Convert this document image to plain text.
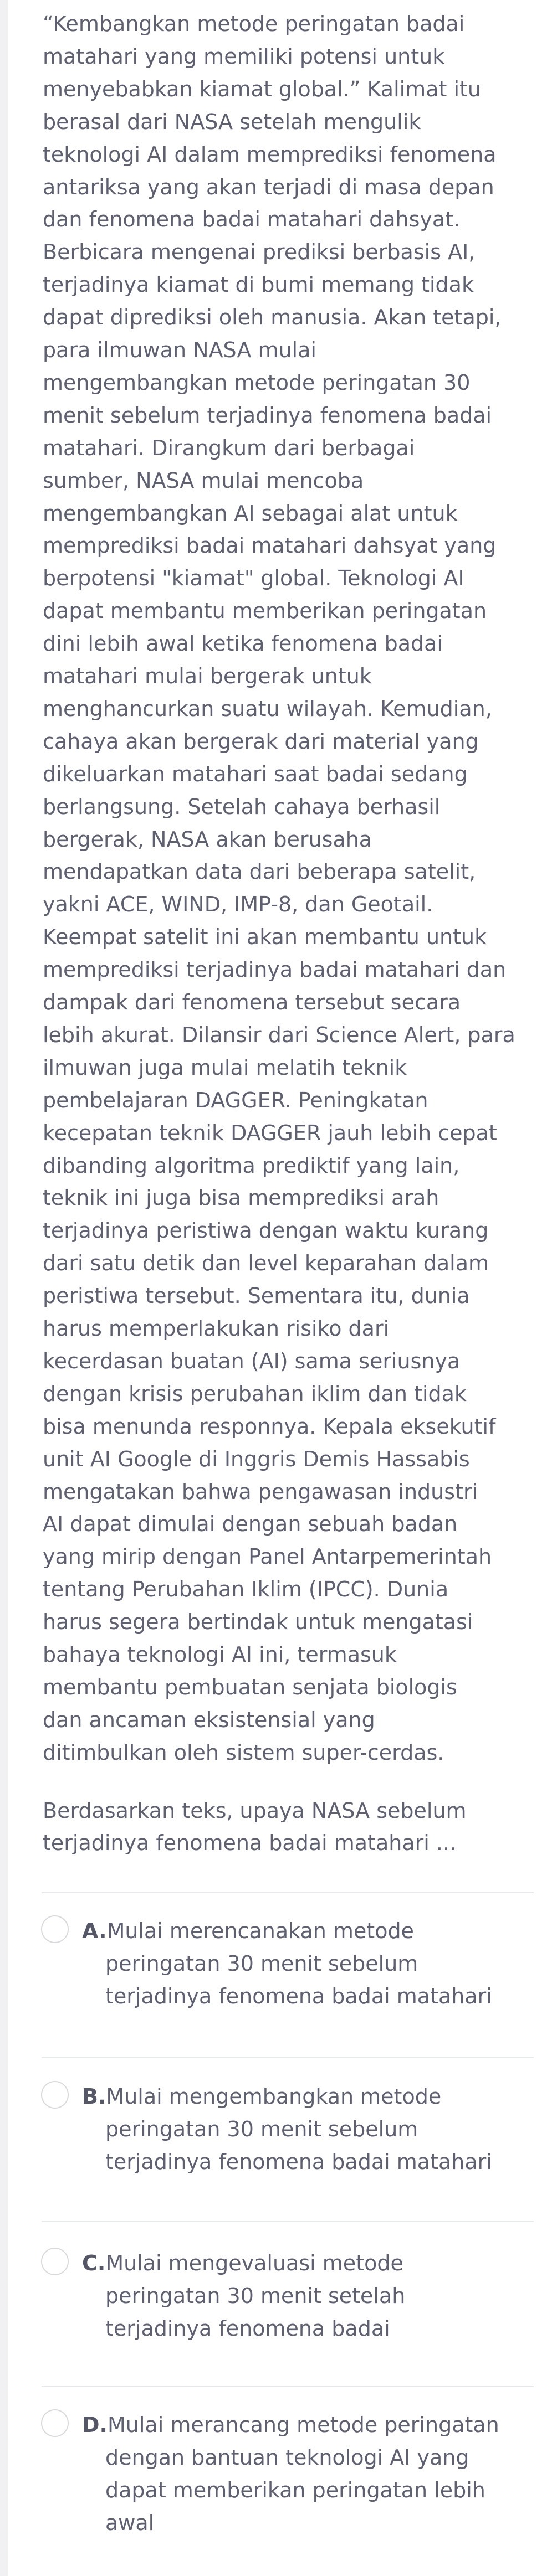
“Kembangkan metode peringatan badai
matahari yang memiliki potensi untuk
menyebabkan kiamat global.” Kalimat itu
berasal dari NASA setelah mengulik
teknologi AI dalam memprediksi fenomena
antariksa yang akan terjadi di masa depan
dan fenomena badai matahari dahsyat.
Berbicara mengenai prediksi berbasis AI,
terjadinya kiamat di bumi memang tidak
dapat diprediksi oleh manusia. Akan tetapi,
para ilmuwan NASA mulai
mengembangkan metode peringatan 30
menit sebelum terjadinya fenomena badai
matahari. Dirangkum dari berbagai
sumber, NASA mulai mencoba
mengembangkan AI sebagai alat untuk
memprediksi badai matahari dahsyat yang
berpotensi "kiamat" global. Teknologi AI
dapat membantu memberikan peringatan
dini lebih awal ketika fenomena badai
matahari mulai bergerak untuk
menghancurkan suatu wilayah. Kemudian,
cahaya akan bergerak dari material yang
dikeluarkan matahari saat badai sedang
berlangsung. Setelah cahaya berhasil
bergerak, NASA akan berusaha
mendapatkan data dari beberapa satelit,
yakni ACE, WIND, IMP-8, dan Geotail.
Keempat satelit ini akan membantu untuk
memprediksi terjadinya badai matahari dan
dampak dari fenomena tersebut secara
lebih akurat. Dilansir dari Science Alert, para
ilmuwan juga mulai melatih teknik
pembelajaran DAGGER. Peningkatan
kecepatan teknik DAGGER jauh lebih cepat
dibanding algoritma prediktif yang lain,
teknik ini juga bisa memprediksi arah
terjadinya peristiwa dengan waktu kurang
dari satu detik dan level keparahan dalam
peristiwa tersebut. Sementara itu, dunia
harus memperlakukan risiko dari
kecerdasan buatan (AI) sama seriusnya
dengan krisis perubahan iklim dan tidak
bisa menunda responnya. Kepala eksekutif
unit AI Google di Inggris Demis Hassabis
mengatakan bahwa pengawasan industri
AI dapat dimulai dengan sebuah badan
yang mirip dengan Panel Antarpemerintah
tentang Perubahan Iklim (IPCC). Dunia
harus segera bertindak untuk mengatasi
bahaya teknologi AI ini, termasuk
membantu pembuatan senjata biologis
dan ancaman eksistensial yang
ditimbulkan oleh sistem super-cerdas.
Berdasarkan teks, upaya NASA sebelum
terjadinya fenomena badai matahari ...
A.Mulai merencanakan metode
peringatan 30 menit sebelum
terjadinya fenomena badai matahari
B.Mulai mengembangkan metode
peringatan 30 menit sebelum
terjadinya fenomena badai matahari
C.Mulai mengevaluasi metode
peringatan 30 menit setelah
terjadinya fenomena badai
D.Mulai merancang metode peringatan
dengan bantuan teknologi AI yang
dapat memberikan peringatan lebih
awal
